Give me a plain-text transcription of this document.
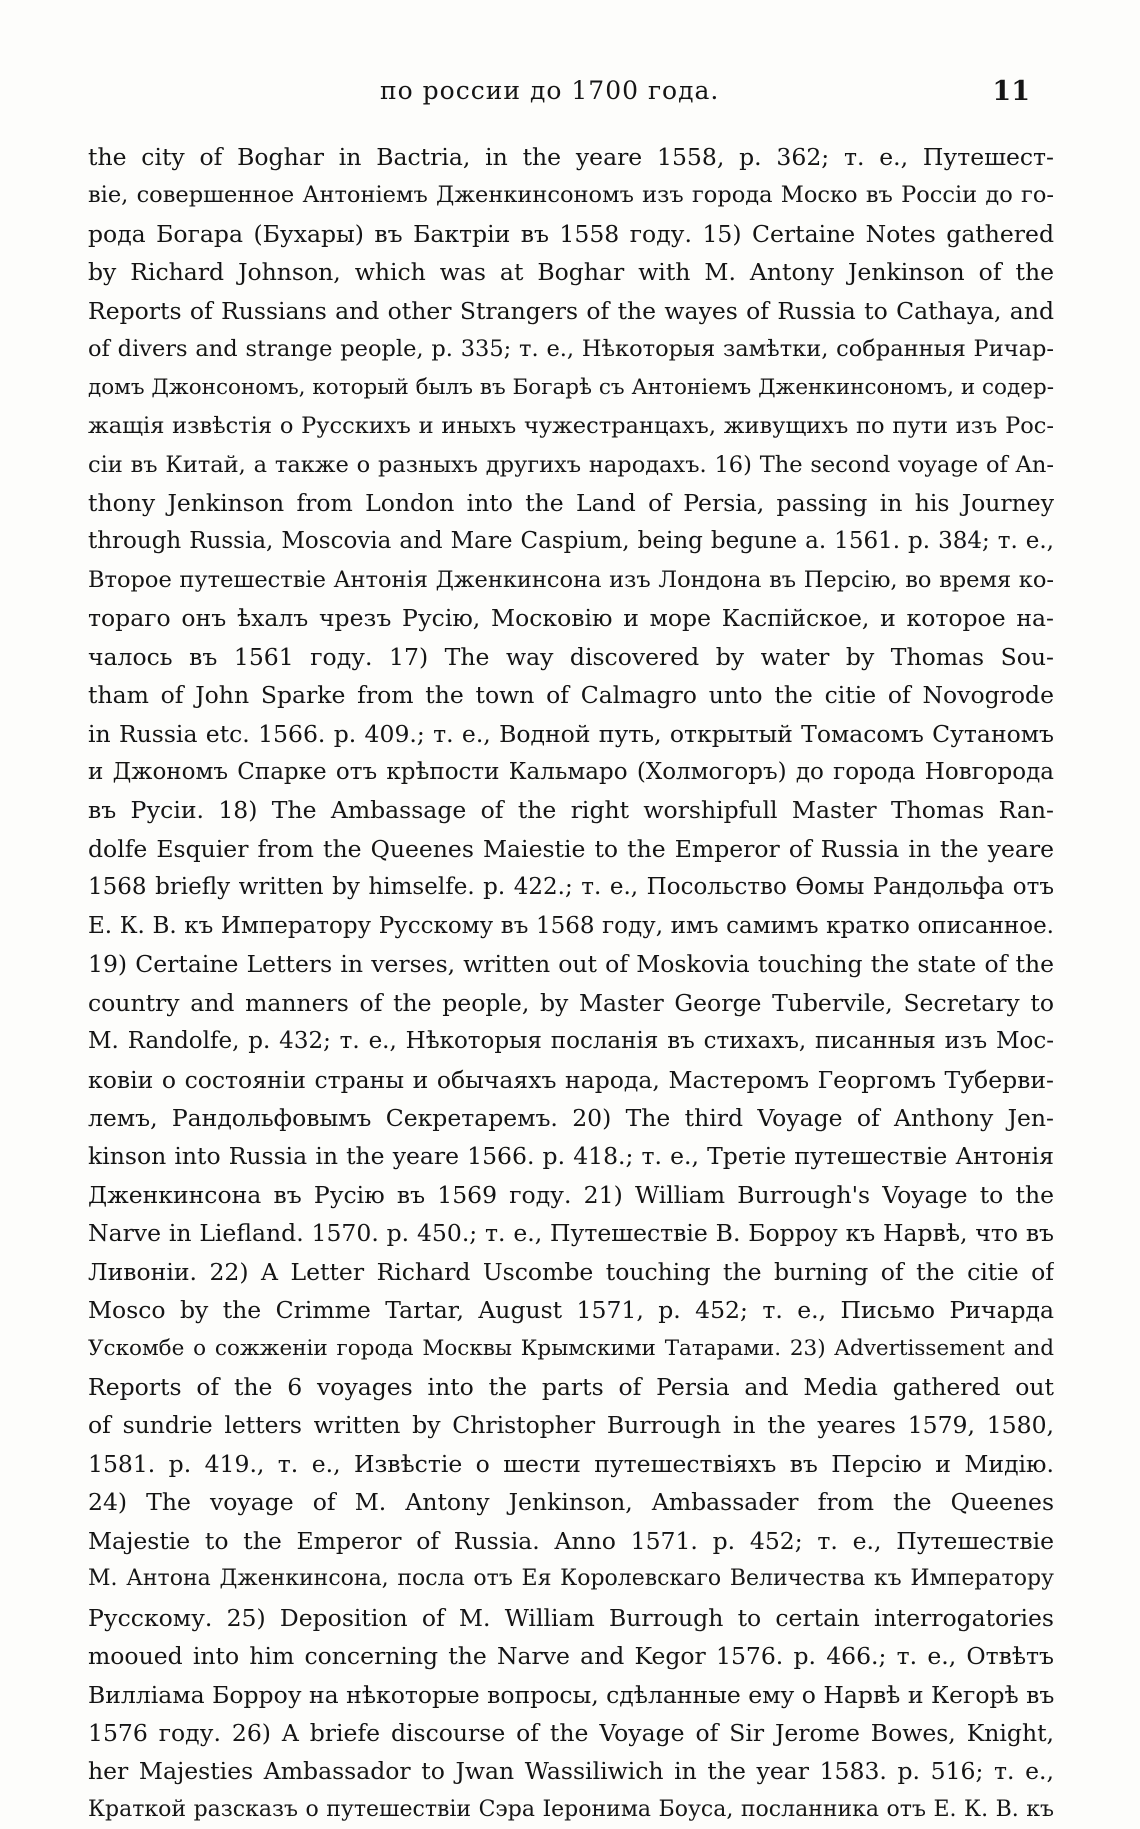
по россии до 1700 года.	11
the city of Boghar in Bactria, in the yeare 1558, p. 362; т. е., Путешест-
віе, совершенное Антоніемъ Дженкинсономъ изъ города Моско въ Россіи до го-
рода Богара (Бухары) въ Бактріи въ 1558 году. 15) Certaine Notes gathered
by Richard Johnson, which was at Boghar with M. Antony Jenkinson of the
Reports of Russians and other Strangers of the wayes of Russia to Cathaya, and
of divers and strange people, p. 335; т. е., Нѣкоторыя замѣтки, собранныя Ричар-
домъ Джонсономъ, который былъ въ Богарѣ съ Антоніемъ Дженкинсономъ, и содер-
жащія извѣстія о Русскихъ и иныхъ чужестранцахъ, живущихъ по пути изъ Рос-
сіи въ Китай, а также о разныхъ другихъ народахъ. 16) The second voyage of An-
thony Jenkinson from London into the Land of Persia, passing in his Journey
through Russia, Moscovia and Mare Caspium, being begune a. 1561. p. 384; т. е.,
Второе путешествіе Антонія Дженкинсона изъ Лондона въ Персію, во время ко-
тораго онъ ѣхалъ чрезъ Русію, Московію и море Каспійское, и которое на-
чалось въ 1561 году. 17) The way discovered by water by Thomas Sou-
tham of John Sparke from the town of Calmagro unto the citie of Novogrode
in Russia etc. 1566. p. 409.; т. е., Водной путь, открытый Томасомъ Сутаномъ
и Джономъ Спарке отъ крѣпости Кальмаро (Холмогоръ) до города Новгорода
въ Русіи. 18) The Ambassage of the right worshipfull Master Thomas Ran-
dolfe Esquier from the Queenes Maiestie to the Emperor of Russia in the yeare
1568 briefly written by himselfe. p. 422.; т. е., Посольство Ѳомы Рандольфа отъ
Е. К. В. къ Императору Русскому въ 1568 году, имъ самимъ кратко описанное.
19) Certaine Letters in verses, written out of Moskovia touching the state of the
country and manners of the people, by Master George Tubervile, Secretary to
M. Randolfe, p. 432; т. е., Нѣкоторыя посланія въ стихахъ, писанныя изъ Мос-
ковіи о состояніи страны и обычаяхъ народа, Мастеромъ Георгомъ Туберви-
лемъ, Рандольфовымъ Секретаремъ. 20) The third Voyage of Anthony Jen-
kinson into Russia in the yeare 1566. p. 418.; т. е., Третіе путешествіе Антонія
Дженкинсона въ Русію въ 1569 году. 21) William Burrough's Voyage to the
Narve in Liefland. 1570. p. 450.; т. е., Путешествіе В. Борроу къ Нарвѣ, что въ
Ливоніи. 22) A Letter Richard Uscombe touching the burning of the citie of
Mosco by the Crimme Tartar, August 1571, p. 452; т. е., Письмо Ричарда
Ускомбе о сожженіи города Москвы Крымскими Татарами. 23) Advertissement and
Reports of the 6 voyages into the parts of Persia and Media gathered out
of sundrie letters written by Christopher Burrough in the yeares 1579, 1580,
1581. p. 419., т. е., Извѣстіе о шести путешествіяхъ въ Персію и Мидію.
24) The voyage of M. Antony Jenkinson, Ambassader from the Queenes
Majestie to the Emperor of Russia. Anno 1571. p. 452; т. е., Путешествіе
М. Антона Дженкинсона, посла отъ Ея Королевскаго Величества къ Императору
Русскому. 25) Deposition of M. William Burrough to certain interrogatories
mooued into him concerning the Narve and Kegor 1576. p. 466.; т. е., Отвѣтъ
Вилліама Борроу на нѣкоторые вопросы, сдѣланные ему о Нарвѣ и Кегорѣ въ
1576 году. 26) A briefe discourse of the Voyage of Sir Jerome Bowes, Knight,
her Majesties Ambassador to Jwan Wassiliwich in the year 1583. p. 516; т. е.,
Краткой разсказъ о путешествіи Сэра Іеронима Боуса, посланника отъ Е. К. В. къ
